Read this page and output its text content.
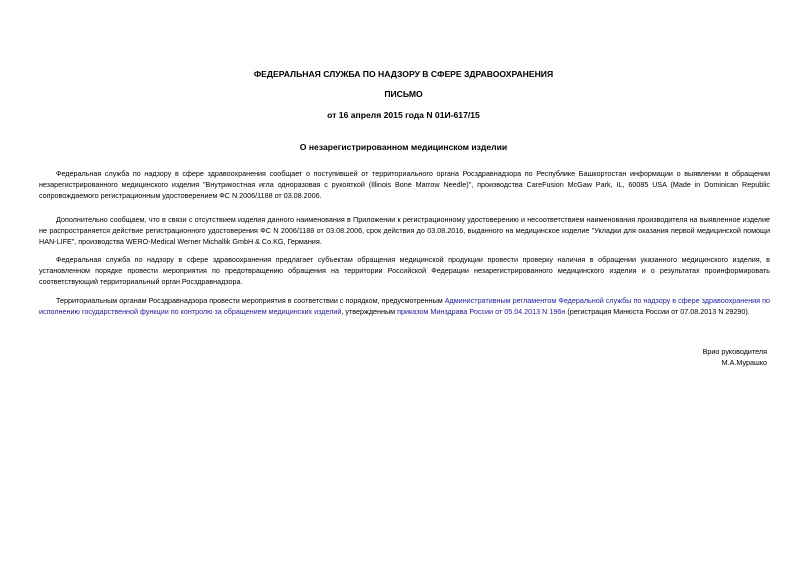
ФЕДЕРАЛЬНАЯ СЛУЖБА ПО НАДЗОРУ В СФЕРЕ ЗДРАВООХРАНЕНИЯ

ПИСЬМО

от 16 апреля 2015 года N 01И-617/15

О незарегистрированном медицинском изделии

Федеральная служба по надзору в сфере здравоохранения сообщает о поступившей от территориального органа Росздравнадзора по Республике Башкортостан информации о выявлении в обращении незарегистрированного медицинского изделия "Внутрикостная игла одноразовая с рукояткой (Illinois Bone Marrow Needle)", производства CareFusion McGaw Park, IL, 60085 USA (Made in Dominican Republic сопровождаемого регистрационным удостоверением ФС N 2006/1188 от 03.08.2006.

Дополнительно сообщаем, что в связи с отсутствием изделия данного наименования в Приложении к регистрационному удостоверению и несоответствием наименования производителя на выявленное изделие не распространяется действие регистрационного удостоверения ФС N 2006/1188 от 03.08.2006, срок действия до 03.08.2016, выданного на медицинское изделие "Укладки для оказания первой медицинской помощи HAN-LIFE", производства WERO-Medical Werner Michallik GmbH & Co.KG, Германия.

Федеральная служба по надзору в сфере здравоохранения предлагает субъектам обращения медицинской продукции провести проверку наличия в обращении указанного медицинского изделия, в установленном порядке провести мероприятия по предотвращению обращения на территории Российской Федерации незарегистрированного медицинского изделия и о результатах проинформировать соответствующий территориальный орган Росздравнадзора.

Территориальным органам Росздравнадзора провести мероприятия в соответствии с порядком, предусмотренным Административным регламентом Федеральной службы по надзору в сфере здравоохранения по исполнению государственной функции по контролю за обращением медицинских изделий, утвержденным приказом Минздрава России от 05.04.2013 N 196н (регистрация Минюста России от 07.08.2013 N 29290).

Врио руководителя

М.А.Мурашко
